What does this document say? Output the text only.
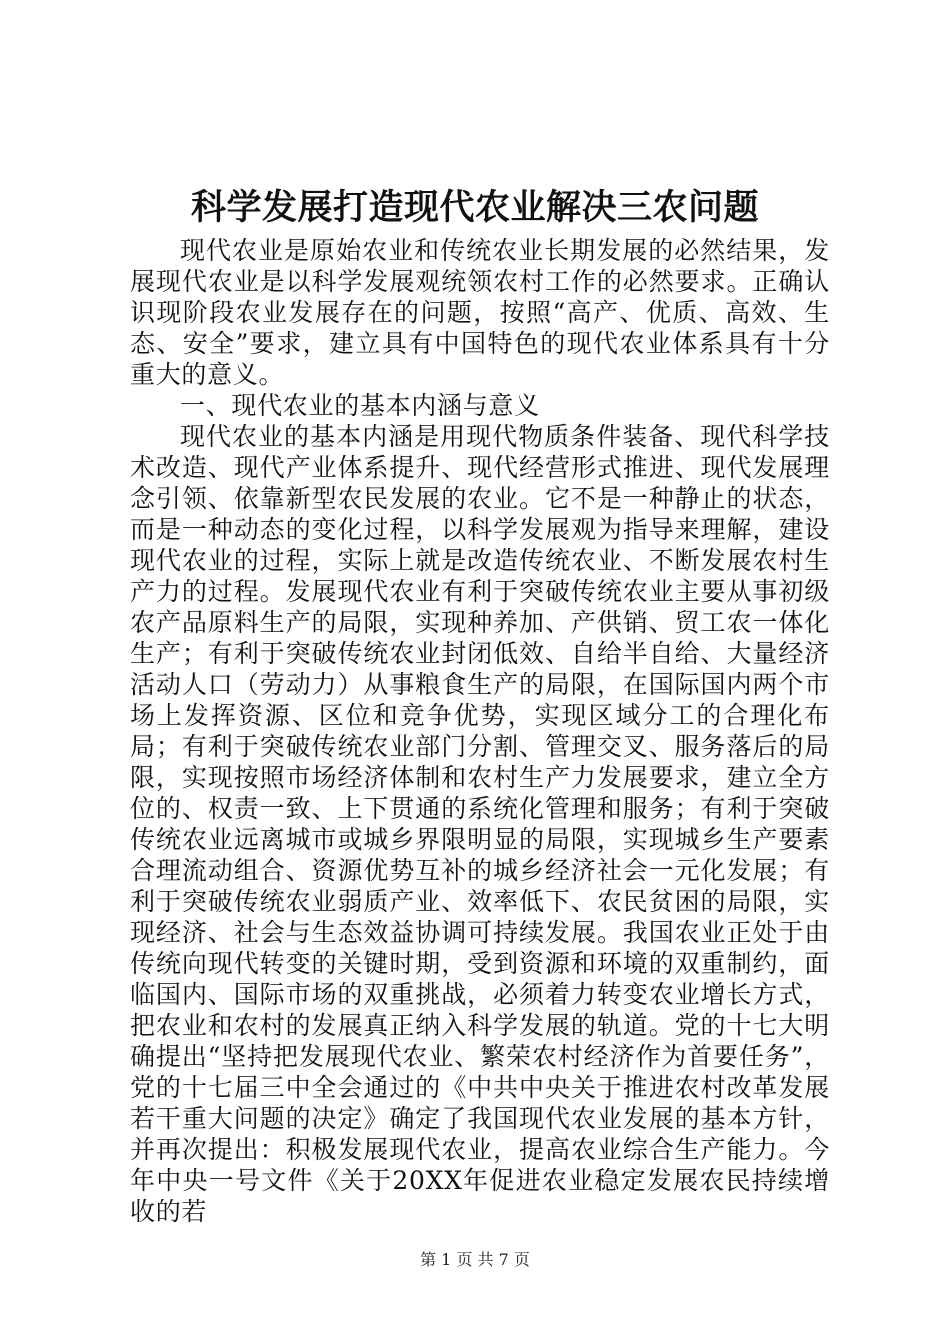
科学发展打造现代农业解决三农问题

现代农业是原始农业和传统农业长期发展的必然结果，发展现代农业是以科学发展观统领农村工作的必然要求。正确认识现阶段农业发展存在的问题，按照“高产、优质、高效、生态、安全”要求，建立具有中国特色的现代农业体系具有十分重大的意义。

一、现代农业的基本内涵与意义

现代农业的基本内涵是用现代物质条件装备、现代科学技术改造、现代产业体系提升、现代经营形式推进、现代发展理念引领、依靠新型农民发展的农业。它不是一种静止的状态，而是一种动态的变化过程，以科学发展观为指导来理解，建设现代农业的过程，实际上就是改造传统农业、不断发展农村生产力的过程。发展现代农业有利于突破传统农业主要从事初级农产品原料生产的局限，实现种养加、产供销、贸工农一体化生产；有利于突破传统农业封闭低效、自给半自给、大量经济活动人口（劳动力）从事粮食生产的局限，在国际国内两个市场上发挥资源、区位和竞争优势，实现区域分工的合理化布局；有利于突破传统农业部门分割、管理交叉、服务落后的局限，实现按照市场经济体制和农村生产力发展要求，建立全方位的、权责一致、上下贯通的系统化管理和服务；有利于突破传统农业远离城市或城乡界限明显的局限，实现城乡生产要素合理流动组合、资源优势互补的城乡经济社会一元化发展；有利于突破传统农业弱质产业、效率低下、农民贫困的局限，实现经济、社会与生态效益协调可持续发展。我国农业正处于由传统向现代转变的关键时期，受到资源和环境的双重制约，面临国内、国际市场的双重挑战，必须着力转变农业增长方式，把农业和农村的发展真正纳入科学发展的轨道。党的十七大明确提出“坚持把发展现代农业、繁荣农村经济作为首要任务”，党的十七届三中全会通过的《中共中央关于推进农村改革发展若干重大问题的决定》确定了我国现代农业发展的基本方针，并再次提出：积极发展现代农业，提高农业综合生产能力。今年中央一号文件《关于20XX年促进农业稳定发展农民持续增收的若

第 1 页 共 7 页
